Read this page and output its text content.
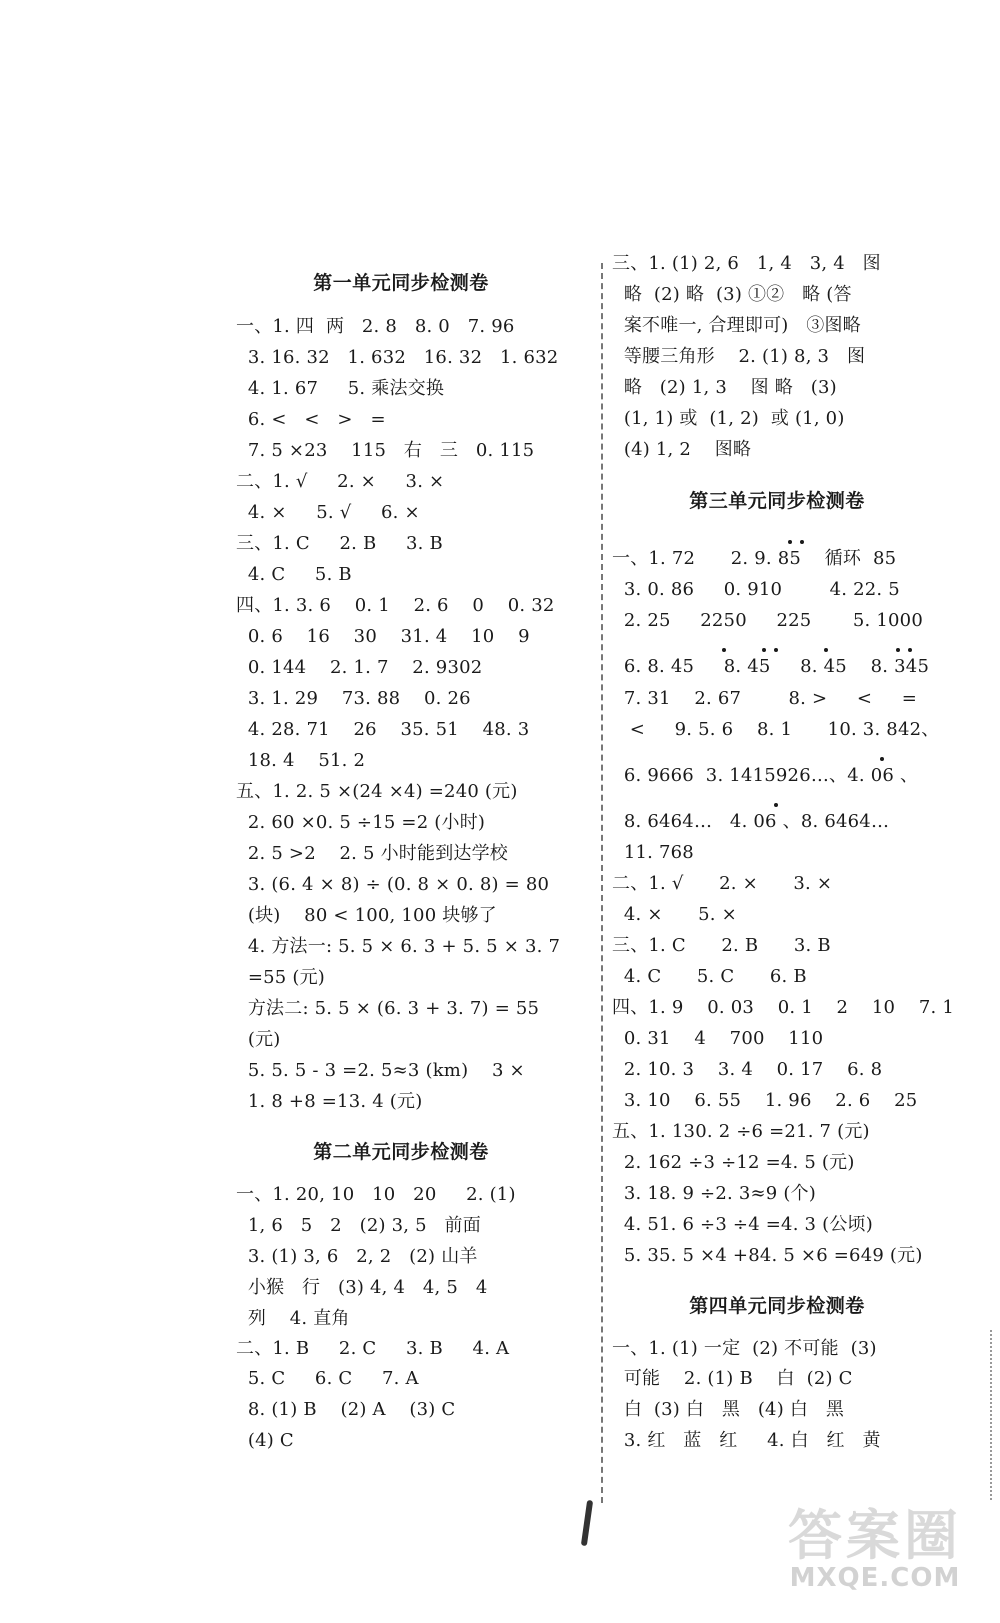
第一单元同步检测卷
一、1. 四  两   2. 8   8. 0   7. 96
3. 16. 32   1. 632   16. 32   1. 632
4. 1. 67     5. 乘法交换
6. <   <   >   =
7. 5 ×23    115   右   三   0. 115
二、1. √     2. ×     3. ×
4. ×     5. √     6. ×
三、1. C     2. B     3. B
4. C     5. B
四、1. 3. 6    0. 1    2. 6    0    0. 32
0. 6    16    30    31. 4    10    9
0. 144    2. 1. 7    2. 9302
3. 1. 29    73. 88    0. 26
4. 28. 71    26    35. 51    48. 3
18. 4    51. 2
五、1. 2. 5 ×(24 ×4) =240 (元)
2. 60 ×0. 5 ÷15 =2 (小时)
2. 5 >2    2. 5 小时能到达学校
3. (6. 4 × 8) ÷ (0. 8 × 0. 8) = 80
(块)    80 < 100, 100 块够了
4. 方法一: 5. 5 × 6. 3 + 5. 5 × 3. 7
=55 (元)
方法二: 5. 5 × (6. 3 + 3. 7) = 55
(元)
5. 5. 5 - 3 =2. 5≈3 (km)    3 ×
1. 8 +8 =13. 4 (元)
第二单元同步检测卷
一、1. 20, 10   10   20     2. (1)
1, 6   5   2   (2) 3, 5   前面
3. (1) 3, 6   2, 2   (2) 山羊
小猴   行   (3) 4, 4   4, 5   4
列    4. 直角
二、1. B     2. C     3. B     4. A
5. C     6. C     7. A
8. (1) B    (2) A    (3) C
(4) C
三、1. (1) 2, 6   1, 4   3, 4   图
略  (2) 略  (3) ①②   略 (答
案不唯一, 合理即可)   ③图略
等腰三角形    2. (1) 8, 3   图
略   (2) 1, 3    图 略   (3)
(1, 1) 或  (1, 2)  或 (1, 0)
(4) 1, 2    图略
第三单元同步检测卷
一、1. 72      2. 9. 85    循环  85
3. 0. 86     0. 910        4. 22. 5
2. 25     2250     225       5. 1000
6. 8. 45     8. 45     8. 45    8. 345
7. 31    2. 67        8. >     <     =
<     9. 5. 6    8. 1      10. 3. 842、
6. 9666  3. 1415926…、4. 06 、
8. 6464…   4. 06 、8. 6464…
11. 768
二、1. √      2. ×      3. ×
4. ×      5. ×
三、1. C      2. B      3. B
4. C      5. C      6. B
四、1. 9    0. 03    0. 1    2    10    7. 1
0. 31    4    700    110
2. 10. 3    3. 4    0. 17    6. 8
3. 10    6. 55    1. 96    2. 6    25
五、1. 130. 2 ÷6 =21. 7 (元)
2. 162 ÷3 ÷12 =4. 5 (元)
3. 18. 9 ÷2. 3≈9 (个)
4. 51. 6 ÷3 ÷4 =4. 3 (公顷)
5. 35. 5 ×4 +84. 5 ×6 =649 (元)
第四单元同步检测卷
一、1. (1) 一定  (2) 不可能  (3)
可能    2. (1) B    白  (2) C
白  (3) 白   黑   (4) 白   黑
3. 红   蓝   红     4. 白   红   黄
答案圈
MXQE.COM
